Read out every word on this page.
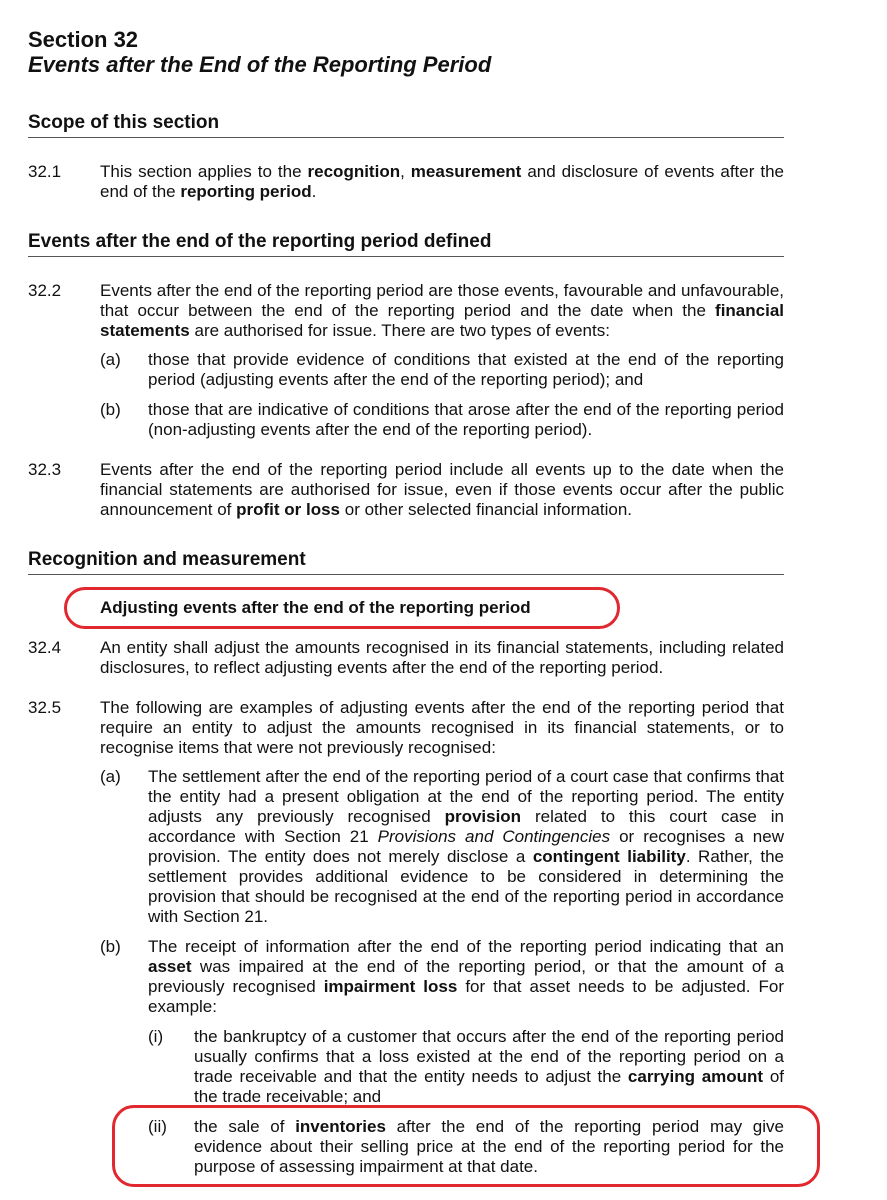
Section 32
Events after the End of the Reporting Period
Scope of this section
32.1 This section applies to the recognition, measurement and disclosure of events after the end of the reporting period.
Events after the end of the reporting period defined
32.2 Events after the end of the reporting period are those events, favourable and unfavourable, that occur between the end of the reporting period and the date when the financial statements are authorised for issue. There are two types of events:
(a) those that provide evidence of conditions that existed at the end of the reporting period (adjusting events after the end of the reporting period); and
(b) those that are indicative of conditions that arose after the end of the reporting period (non-adjusting events after the end of the reporting period).
32.3 Events after the end of the reporting period include all events up to the date when the financial statements are authorised for issue, even if those events occur after the public announcement of profit or loss or other selected financial information.
Recognition and measurement
Adjusting events after the end of the reporting period
32.4 An entity shall adjust the amounts recognised in its financial statements, including related disclosures, to reflect adjusting events after the end of the reporting period.
32.5 The following are examples of adjusting events after the end of the reporting period that require an entity to adjust the amounts recognised in its financial statements, or to recognise items that were not previously recognised:
(a) The settlement after the end of the reporting period of a court case that confirms that the entity had a present obligation at the end of the reporting period. The entity adjusts any previously recognised provision related to this court case in accordance with Section 21 Provisions and Contingencies or recognises a new provision. The entity does not merely disclose a contingent liability. Rather, the settlement provides additional evidence to be considered in determining the provision that should be recognised at the end of the reporting period in accordance with Section 21.
(b) The receipt of information after the end of the reporting period indicating that an asset was impaired at the end of the reporting period, or that the amount of a previously recognised impairment loss for that asset needs to be adjusted. For example:
(i) the bankruptcy of a customer that occurs after the end of the reporting period usually confirms that a loss existed at the end of the reporting period on a trade receivable and that the entity needs to adjust the carrying amount of the trade receivable; and
(ii) the sale of inventories after the end of the reporting period may give evidence about their selling price at the end of the reporting period for the purpose of assessing impairment at that date.
